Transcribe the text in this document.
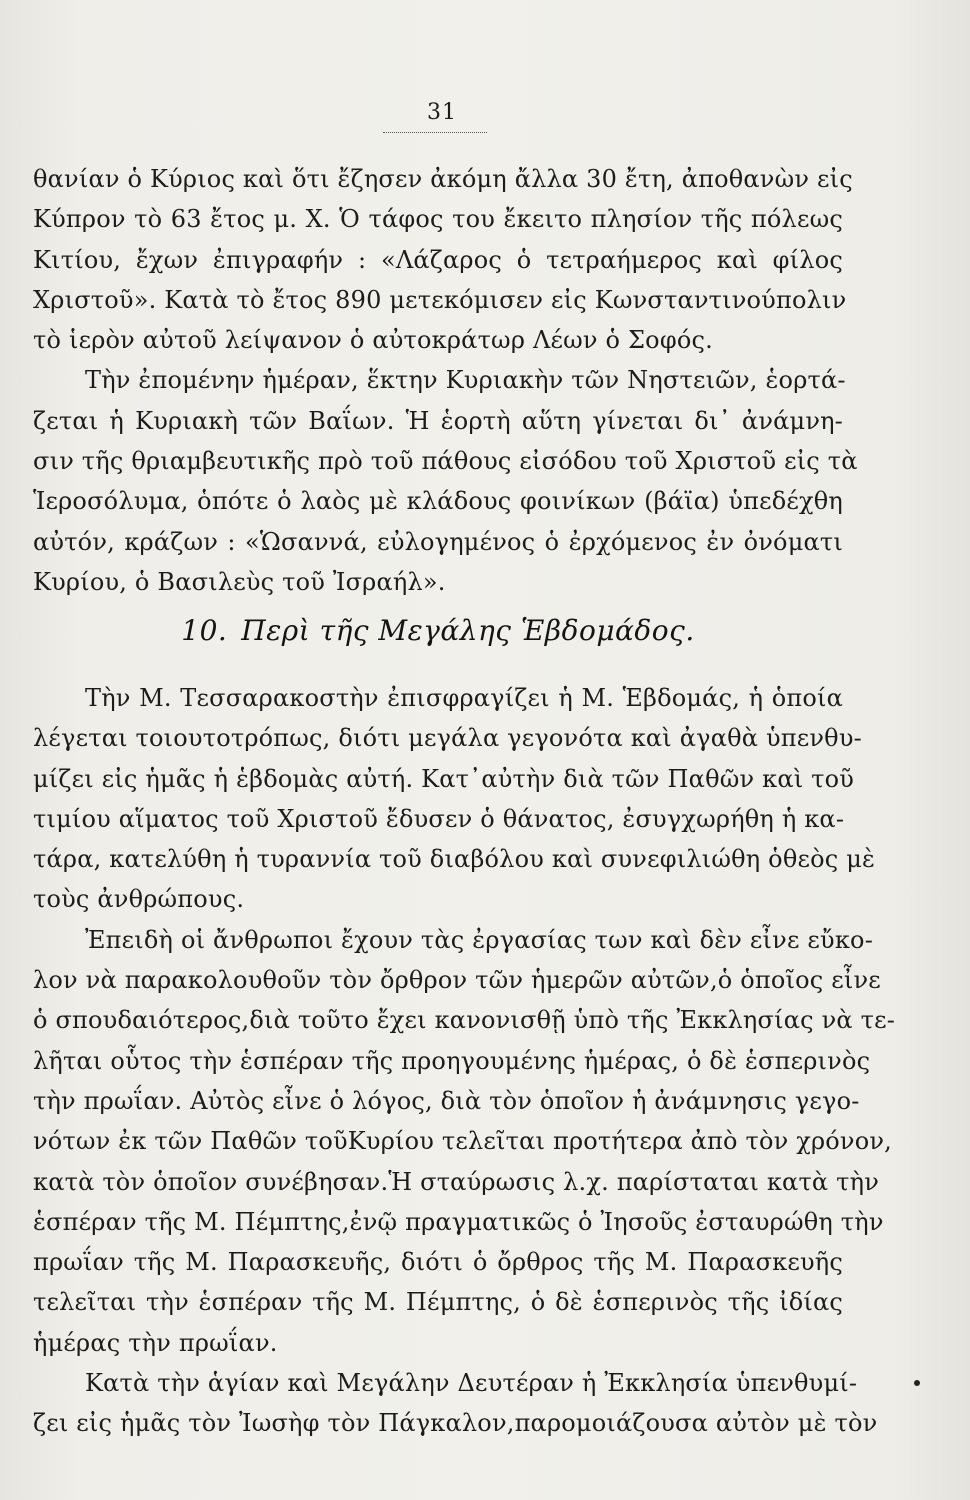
31
θανίαν ὁ Κύριος καὶ ὅτι ἔζησεν ἀκόμη ἄλλα 30 ἔτη, ἀποθανὼν εἰς
Κύπρον τὸ 63 ἔτος μ. Χ. Ὁ τάφος του ἔκειτο πλησίον τῆς πόλεως
Κιτίου, ἔχων ἐπιγραφήν : «Λάζαρος ὁ τετραήμερος καὶ φίλος
Χριστοῦ». Κατὰ τὸ ἔτος 890 μετεκόμισεν εἰς Κωνσταντινούπολιν
τὸ ἱερὸν αὐτοῦ λείψανον ὁ αὐτοκράτωρ Λέων ὁ Σοφός.
Τὴν ἐπομένην ἡμέραν, ἕκτην Κυριακὴν τῶν Νηστειῶν, ἑορτά-
ζεται ἡ Κυριακὴ τῶν Βαΐων. Ἡ ἑορτὴ αὕτη γίνεται δι᾿ ἀνάμνη-
σιν τῆς θριαμβευτικῆς πρὸ τοῦ πάθους εἰσόδου τοῦ Χριστοῦ εἰς τὰ
Ἱεροσόλυμα, ὁπότε ὁ λαὸς μὲ κλάδους φοινίκων (βάϊα) ὑπεδέχθη
αὐτόν, κράζων : «Ὡσαννά, εὐλογημένος ὁ ἐρχόμενος ἐν ὀνόματι
Κυρίου, ὁ Βασιλεὺς τοῦ Ἰσραήλ».
10. Περὶ τῆς Μεγάλης Ἑβδομάδος.
Τὴν Μ. Τεσσαρακοστὴν ἐπισφραγίζει ἡ Μ. Ἑβδομάς, ἡ ὁποία
λέγεται τοιουτοτρόπως, διότι μεγάλα γεγονότα καὶ ἀγαθὰ ὑπενθυ-
μίζει εἰς ἡμᾶς ἡ ἑβδομὰς αὐτή. Κατ᾿αὐτὴν διὰ τῶν Παθῶν καὶ τοῦ
τιμίου αἵματος τοῦ Χριστοῦ ἔδυσεν ὁ θάνατος, ἐσυγχωρήθη ἡ κα-
τάρα, κατελύθη ἡ τυραννία τοῦ διαβόλου καὶ συνεφιλιώθη ὁθεὸς μὲ
τοὺς ἀνθρώπους.
Ἐπειδὴ οἱ ἄνθρωποι ἔχουν τὰς ἐργασίας των καὶ δὲν εἶνε εὔκο-
λον νὰ παρακολουθοῦν τὸν ὄρθρον τῶν ἡμερῶν αὐτῶν,ὁ ὁποῖος εἶνε
ὁ σπουδαιότερος,διὰ τοῦτο ἔχει κανονισθῇ ὑπὸ τῆς Ἐκκλησίας νὰ τε-
λῆται οὗτος τὴν ἑσπέραν τῆς προηγουμένης ἡμέρας, ὁ δὲ ἑσπερινὸς
τὴν πρωΐαν. Αὐτὸς εἶνε ὁ λόγος, διὰ τὸν ὁποῖον ἡ ἀνάμνησις γεγο-
νότων ἐκ τῶν Παθῶν τοῦΚυρίου τελεῖται προτήτερα ἀπὸ τὸν χρόνον,
κατὰ τὸν ὁποῖον συνέβησαν.Ἡ σταύρωσις λ.χ. παρίσταται κατὰ τὴν
ἑσπέραν τῆς Μ. Πέμπτης,ἐνῷ πραγματικῶς ὁ Ἰησοῦς ἐσταυρώθη τὴν
πρωΐαν τῆς Μ. Παρασκευῆς, διότι ὁ ὄρθρος τῆς Μ. Παρασκευῆς
τελεῖται τὴν ἑσπέραν τῆς Μ. Πέμπτης, ὁ δὲ ἑσπερινὸς τῆς ἰδίας
ἡμέρας τὴν πρωΐαν.
Κατὰ τὴν ἁγίαν καὶ Μεγάλην Δευτέραν ἡ Ἐκκλησία ὑπενθυμί-
ζει εἰς ἡμᾶς τὸν Ἰωσὴφ τὸν Πάγκαλον,παρομοιάζουσα αὐτὸν μὲ τὸν
